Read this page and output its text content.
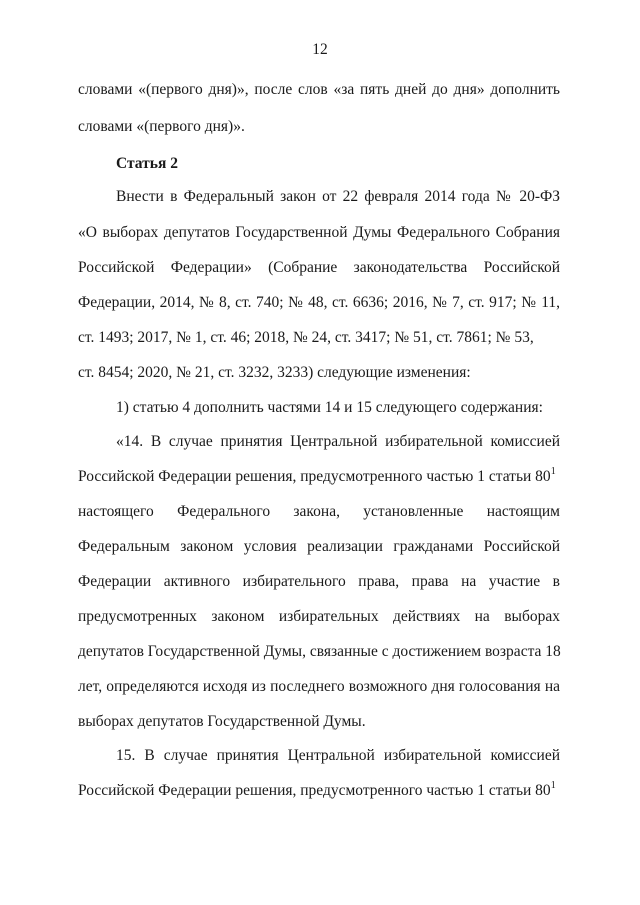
12
словами «(первого дня)», после слов «за пять дней до дня» дополнить
словами «(первого дня)».
Статья 2
Внести в Федеральный закон от 22 февраля 2014 года № 20-ФЗ
«О выборах депутатов Государственной Думы Федерального Собрания
Российской Федерации» (Собрание законодательства Российской
Федерации, 2014, № 8, ст. 740; № 48, ст. 6636; 2016, № 7, ст. 917; № 11,
ст. 1493; 2017, № 1, ст. 46; 2018, № 24, ст. 3417; № 51, ст. 7861; № 53,
ст. 8454; 2020, № 21, ст. 3232, 3233) следующие изменения:
1) статью 4 дополнить частями 14 и 15 следующего содержания:
«14. В случае принятия Центральной избирательной комиссией
Российской Федерации решения, предусмотренного частью 1 статьи $80^1$
настоящего Федерального закона, установленные настоящим
Федеральным законом условия реализации гражданами Российской
Федерации активного избирательного права, права на участие в
предусмотренных законом избирательных действиях на выборах
депутатов Государственной Думы, связанные с достижением возраста 18
лет, определяются исходя из последнего возможного дня голосования на
выборах депутатов Государственной Думы.
15. В случае принятия Центральной избирательной комиссией
Российской Федерации решения, предусмотренного частью 1 статьи $80^1$
